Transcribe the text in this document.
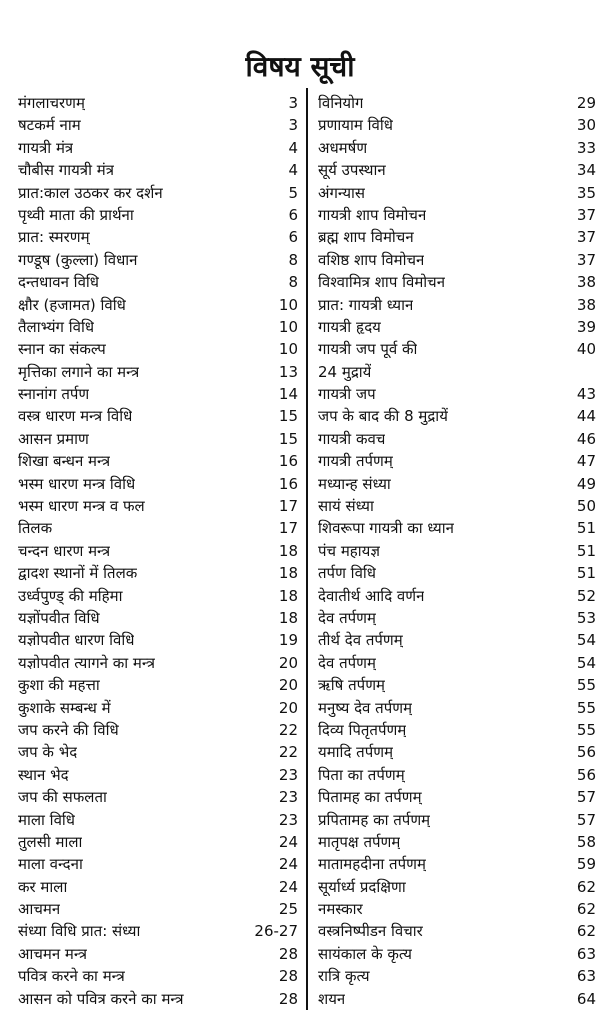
विषय सूची
मंगलाचरणम्	3
षटकर्म नाम	3
गायत्री मंत्र	4
चौबीस गायत्री मंत्र	4
प्रात:काल उठकर कर दर्शन	5
पृथ्वी माता की प्रार्थना	6
प्रात: स्मरणम्	6
गण्डूष (कुल्ला) विधान	8
दन्तधावन विधि	8
क्षौर (हजामत) विधि	10
तैलाभ्यंग विधि	10
स्नान का संकल्प	10
मृत्तिका लगाने का मन्त्र	13
स्नानांग तर्पण	14
वस्त्र धारण मन्त्र विधि	15
आसन प्रमाण	15
शिखा बन्धन मन्त्र	16
भस्म धारण मन्त्र विधि	16
भस्म धारण मन्त्र व फल	17
तिलक	17
चन्दन धारण मन्त्र	18
द्वादश स्थानों में तिलक	18
उर्ध्वपुण्ड् की महिमा	18
यज्ञोंपवीत विधि	18
यज्ञोपवीत धारण विधि	19
यज्ञोपवीत त्यागने का मन्त्र	20
कुशा की महत्ता	20
कुशाके सम्बन्ध में	20
जप करने की विधि	22
जप के भेद	22
स्थान भेद	23
जप की सफलता	23
माला विधि	23
तुलसी माला	24
माला वन्दना	24
कर माला	24
आचमन	25
संध्या विधि प्रात: संध्या	26-27
आचमन मन्त्र	28
पवित्र करने का मन्त्र	28
आसन को पवित्र करने का मन्त्र	28
विनियोग	29
प्रणायाम विधि	30
अधमर्षण	33
सूर्य उपस्थान	34
अंगन्यास	35
गायत्री शाप विमोचन	37
ब्रह्म शाप विमोचन	37
वशिष्ठ शाप विमोचन	37
विश्वामित्र शाप विमोचन	38
प्रात: गायत्री ध्यान	38
गायत्री हृदय	39
गायत्री जप पूर्व की	40
24 मुद्रायें
गायत्री जप	43
जप के बाद की 8 मुद्रायें	44
गायत्री कवच	46
गायत्री तर्पणम्	47
मध्यान्ह संध्या	49
सायं संध्या	50
शिवरूपा गायत्री का ध्यान	51
पंच महायज्ञ	51
तर्पण विधि	51
देवातीर्थ आदि वर्णन	52
देव तर्पणम्	53
तीर्थ देव तर्पणम्	54
देव तर्पणम्	54
ऋषि तर्पणम्	55
मनुष्य देव तर्पणम्	55
दिव्य पितृतर्पणम्	55
यमादि तर्पणम्	56
पिता का तर्पणम्	56
पितामह का तर्पणम्	57
प्रपितामह का तर्पणम्	57
मातृपक्ष तर्पणम्	58
मातामहदीना तर्पणम्	59
सूर्यार्ध्य प्रदक्षिणा	62
नमस्कार	62
वस्त्रनिष्पीडन विचार	62
सायंकाल के कृत्य	63
रात्रि कृत्य	63
शयन	64
